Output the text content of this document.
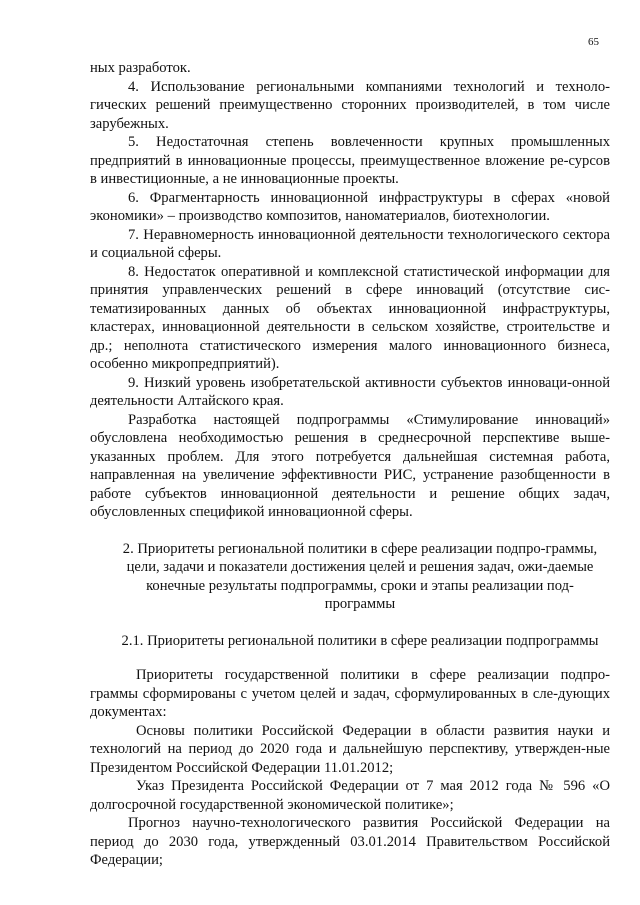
65

ных разработок.

4. Использование региональными компаниями технологий и техноло-гических решений преимущественно сторонних производителей, в том числе зарубежных.

5. Недостаточная степень вовлеченности крупных промышленных предприятий в инновационные процессы, преимущественное вложение ре-сурсов в инвестиционные, а не инновационные проекты.

6. Фрагментарность инновационной инфраструктуры в сферах «новой экономики» – производство композитов, наноматериалов, биотехнологии.

7. Неравномерность инновационной деятельности технологического сектора и социальной сферы.

8. Недостаток оперативной и комплексной статистической информации для принятия управленческих решений в сфере инноваций (отсутствие сис-тематизированных данных об объектах инновационной инфраструктуры, кластерах, инновационной деятельности в сельском хозяйстве, строительстве и др.; неполнота статистического измерения малого инновационного бизнеса, особенно микропредприятий).

9. Низкий уровень изобретательской активности субъектов инноваци-онной деятельности Алтайского края.

Разработка настоящей подпрограммы «Стимулирование инноваций» обусловлена необходимостью решения в среднесрочной перспективе выше-указанных проблем. Для этого потребуется дальнейшая системная работа, направленная на увеличение эффективности РИС, устранение разобщенности в работе субъектов инновационной деятельности и решение общих задач, обусловленных спецификой инновационной сферы.

2. Приоритеты региональной политики в сфере реализации подпро-граммы, цели, задачи и показатели достижения целей и решения задач, ожи-даемые конечные результаты подпрограммы, сроки и этапы реализации под-программы

2.1. Приоритеты региональной политики в сфере реализации подпрограммы

Приоритеты государственной политики в сфере реализации подпро-граммы сформированы с учетом целей и задач, сформулированных в сле-дующих документах:

Основы политики Российской Федерации в области развития науки и технологий на период до 2020 года и дальнейшую перспективу, утвержден-ные Президентом Российской Федерации 11.01.2012;

Указ Президента Российской Федерации от 7 мая 2012 года № 596 «О долгосрочной государственной экономической политике»;

Прогноз научно-технологического развития Российской Федерации на период до 2030 года, утвержденный 03.01.2014 Правительством Российской Федерации;
